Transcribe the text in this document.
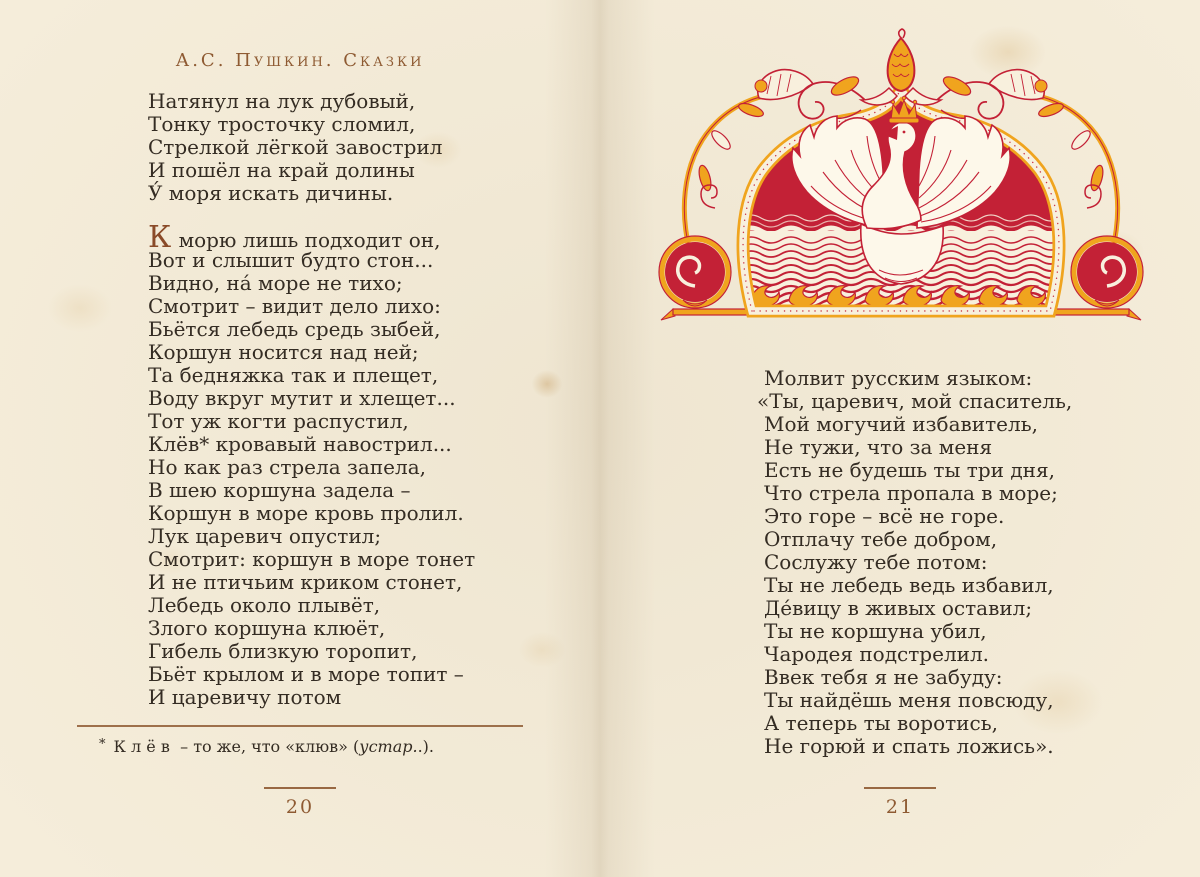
А.С. Пушкин. Сказки
Натянул на лук дубовый,
Тонку тросточку сломил,
Стрелкой лёгкой завострил
И пошёл на край долины
У́ моря искать дичины.
К морю лишь подходит он,
Вот и слышит будто стон...
Видно, на́ море не тихо;
Смотрит – видит дело лихо:
Бьётся лебедь средь зыбей,
Коршун носится над ней;
Та бедняжка так и плещет,
Воду вкруг мутит и хлещет...
Тот уж когти распустил,
Клёв* кровавый навострил...
Но как раз стрела запела,
В шею коршуна задела –
Коршун в море кровь пролил.
Лук царевич опустил;
Смотрит: коршун в море тонет
И не птичьим криком стонет,
Лебедь около плывёт,
Злого коршуна клюёт,
Гибель близкую торопит,
Бьёт крылом и в море топит –
И царевичу потом
* Клёв – то же, что «клюв» (устар..).
20
Молвит русским языком:
«Ты, царевич, мой спаситель,
Мой могучий избавитель,
Не тужи, что за меня
Есть не будешь ты три дня,
Что стрела пропала в море;
Это горе – всё не горе.
Отплачу тебе добром,
Сослужу тебе потом:
Ты не лебедь ведь избавил,
Де́вицу в живых оставил;
Ты не коршуна убил,
Чародея подстрелил.
Ввек тебя я не забуду:
Ты найдёшь меня повсюду,
А теперь ты воротись,
Не горюй и спать ложись».
21
